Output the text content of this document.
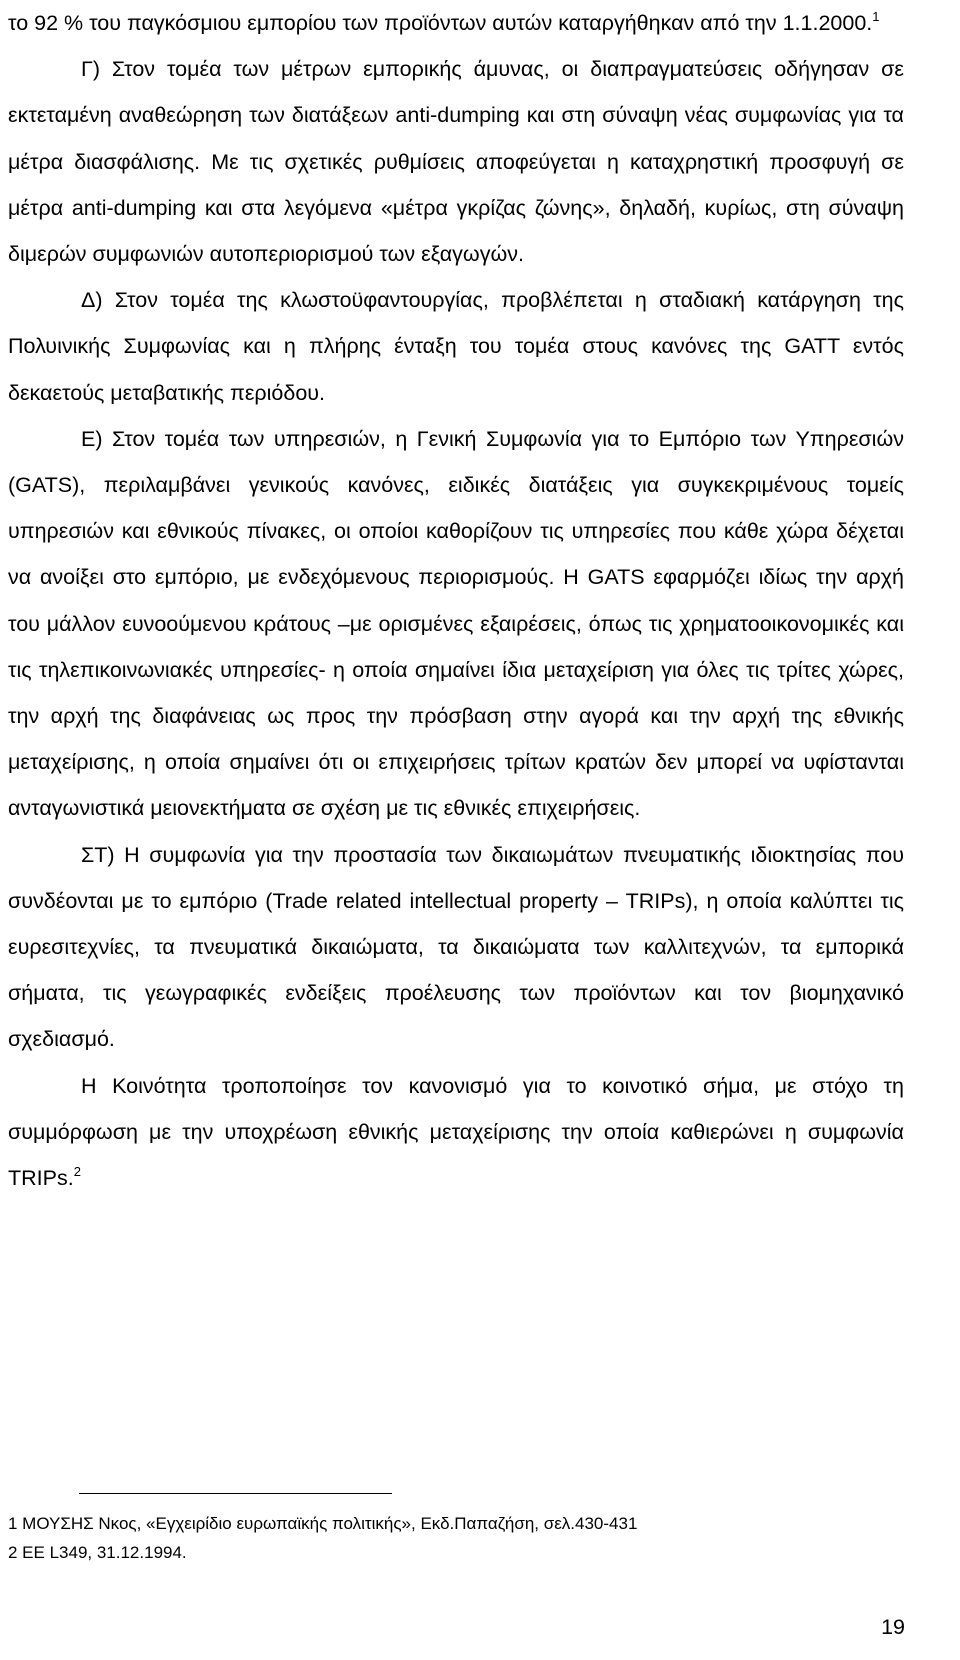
το 92 % του παγκόσμιου εμπορίου των προϊόντων αυτών καταργήθηκαν από την 1.1.2000.$^1$

Γ) Στον τομέα των μέτρων εμπορικής άμυνας, οι διαπραγματεύσεις οδήγησαν σε εκτεταμένη αναθεώρηση των διατάξεων anti-dumping και στη σύναψη νέας συμφωνίας για τα μέτρα διασφάλισης. Με τις σχετικές ρυθμίσεις αποφεύγεται η καταχρηστική προσφυγή σε μέτρα anti-dumping και στα λεγόμενα «μέτρα γκρίζας ζώνης», δηλαδή, κυρίως, στη σύναψη διμερών συμφωνιών αυτοπεριορισμού των εξαγωγών.

Δ) Στον τομέα της κλωστοϋφαντουργίας, προβλέπεται η σταδιακή κατάργηση της Πολυινικής Συμφωνίας και η πλήρης ένταξη του τομέα στους κανόνες της GATT εντός δεκαετούς μεταβατικής περιόδου.

Ε) Στον τομέα των υπηρεσιών, η Γενική Συμφωνία για το Εμπόριο των Υπηρεσιών (GATS), περιλαμβάνει γενικούς κανόνες, ειδικές διατάξεις για συγκεκριμένους τομείς υπηρεσιών και εθνικούς πίνακες, οι οποίοι καθορίζουν τις υπηρεσίες που κάθε χώρα δέχεται να ανοίξει στο εμπόριο, με ενδεχόμενους περιορισμούς. Η GATS εφαρμόζει ιδίως την αρχή του μάλλον ευνοούμενου κράτους –με ορισμένες εξαιρέσεις, όπως τις χρηματοοικονομικές και τις τηλεπικοινωνιακές υπηρεσίες- η οποία σημαίνει ίδια μεταχείριση για όλες τις τρίτες χώρες, την αρχή της διαφάνειας ως προς την πρόσβαση στην αγορά και την αρχή της εθνικής μεταχείρισης, η οποία σημαίνει ότι οι επιχειρήσεις τρίτων κρατών δεν μπορεί να υφίστανται ανταγωνιστικά μειονεκτήματα σε σχέση με τις εθνικές επιχειρήσεις.

ΣΤ) Η συμφωνία για την προστασία των δικαιωμάτων πνευματικής ιδιοκτησίας που συνδέονται με το εμπόριο (Trade related intellectual property – TRIPs), η οποία καλύπτει τις ευρεσιτεχνίες, τα πνευματικά δικαιώματα, τα δικαιώματα των καλλιτεχνών, τα εμπορικά σήματα, τις γεωγραφικές ενδείξεις προέλευσης των προϊόντων και τον βιομηχανικό σχεδιασμό.

Η Κοινότητα τροποποίησε τον κανονισμό για το κοινοτικό σήμα, με στόχο τη συμμόρφωση με την υποχρέωση εθνικής μεταχείρισης την οποία καθιερώνει η συμφωνία TRIPs.$^2$

1 ΜΟΥΣΗΣ Νκος, «Εγχειρίδιο ευρωπαϊκής πολιτικής», Εκδ.Παπαζήση, σελ.430-431
2 ΕΕ L349, 31.12.1994.
19
